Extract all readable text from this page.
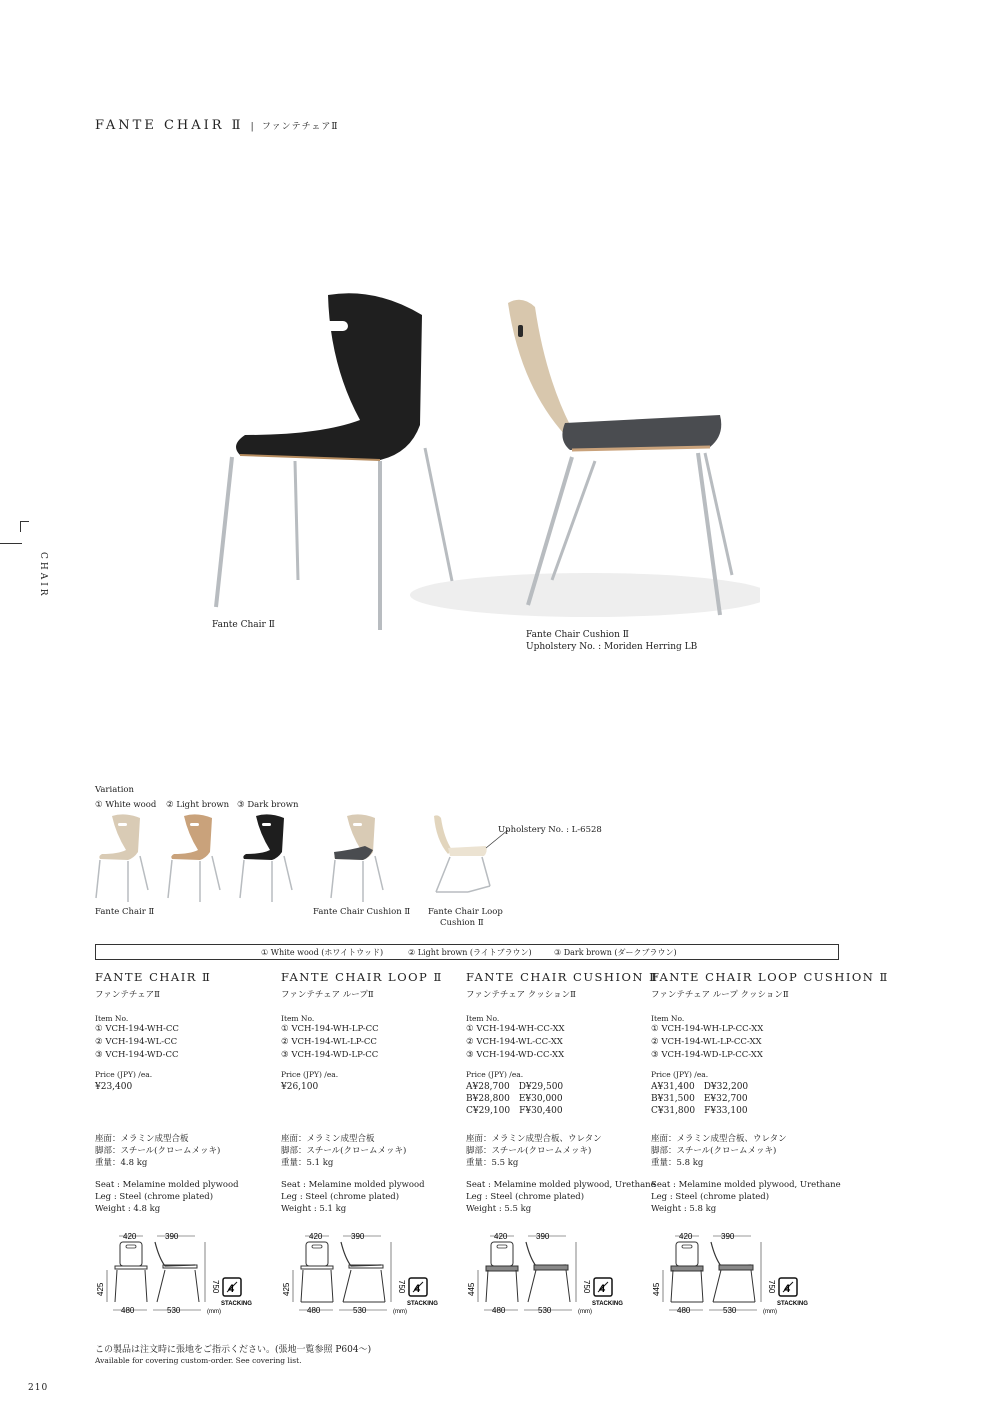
FANTE CHAIR Ⅱ | ファンテチェアⅡ
CHAIR
Fante Chair Ⅱ
Fante Chair Cushion Ⅱ
Upholstery No. : Moriden Herring LB
Variation
① White wood ② Light brown ③ Dark brown
Upholstery No. : L-6528
Fante Chair Ⅱ	Fante Chair Cushion Ⅱ Fante Chair Loop
Cushion Ⅱ
① White wood (ホワイトウッド)	② Light brown (ライトブラウン)	③ Dark brown (ダークブラウン)
FANTE CHAIR Ⅱ
ファンテチェアⅡ
Item No.
① VCH-194-WH-CC
② VCH-194-WL-CC
③ VCH-194-WD-CC
Price (JPY) /ea.
¥23,400
FANTE CHAIR LOOP Ⅱ
ファンテチェア ループⅡ
Item No.
① VCH-194-WH-LP-CC
② VCH-194-WL-LP-CC
③ VCH-194-WD-LP-CC
Price (JPY) /ea.
¥26,100
FANTE CHAIR CUSHION Ⅱ
ファンテチェア クッションⅡ
Item No.
① VCH-194-WH-CC-XX
② VCH-194-WL-CC-XX
③ VCH-194-WD-CC-XX
Price (JPY) /ea.
A¥28,700　D¥29,500
B¥28,800　E¥30,000
C¥29,100　F¥30,400
FANTE CHAIR LOOP CUSHION Ⅱ
ファンテチェア ループ クッションⅡ
Item No.
① VCH-194-WH-LP-CC-XX
② VCH-194-WL-LP-CC-XX
③ VCH-194-WD-LP-CC-XX
Price (JPY) /ea.
A¥31,400　D¥32,200
B¥31,500　E¥32,700
C¥31,800　F¥33,100
座面：メラミン成型合板
脚部：スチール(クロームメッキ)
重量：4.8 kg
Seat : Melamine molded plywood
Leg : Steel (chrome plated)
Weight : 4.8 kg
座面：メラミン成型合板
脚部：スチール(クロームメッキ)
重量：5.1 kg
Seat : Melamine molded plywood
Leg : Steel (chrome plated)
Weight : 5.1 kg
座面：メラミン成型合板、ウレタン
脚部：スチール(クロームメッキ)
重量：5.5 kg
Seat : Melamine molded plywood, Urethane
Leg : Steel (chrome plated)
Weight : 5.5 kg
座面：メラミン成型合板、ウレタン
脚部：スチール(クロームメッキ)
重量：5.8 kg
Seat : Melamine molded plywood, Urethane
Leg : Steel (chrome plated)
Weight : 5.8 kg
420	390
750
425
480	530	(mm)
4
STACKING
420	390
750
425
480	530	(mm)
4
STACKING
420	390
750
445
480	530	(mm)
4
STACKING
420	390
750
445
480	530	(mm)
4
STACKING
この製品は注文時に張地をご指示ください。(張地一覧参照 P604～)
Available for covering custom-order. See covering list.
210
